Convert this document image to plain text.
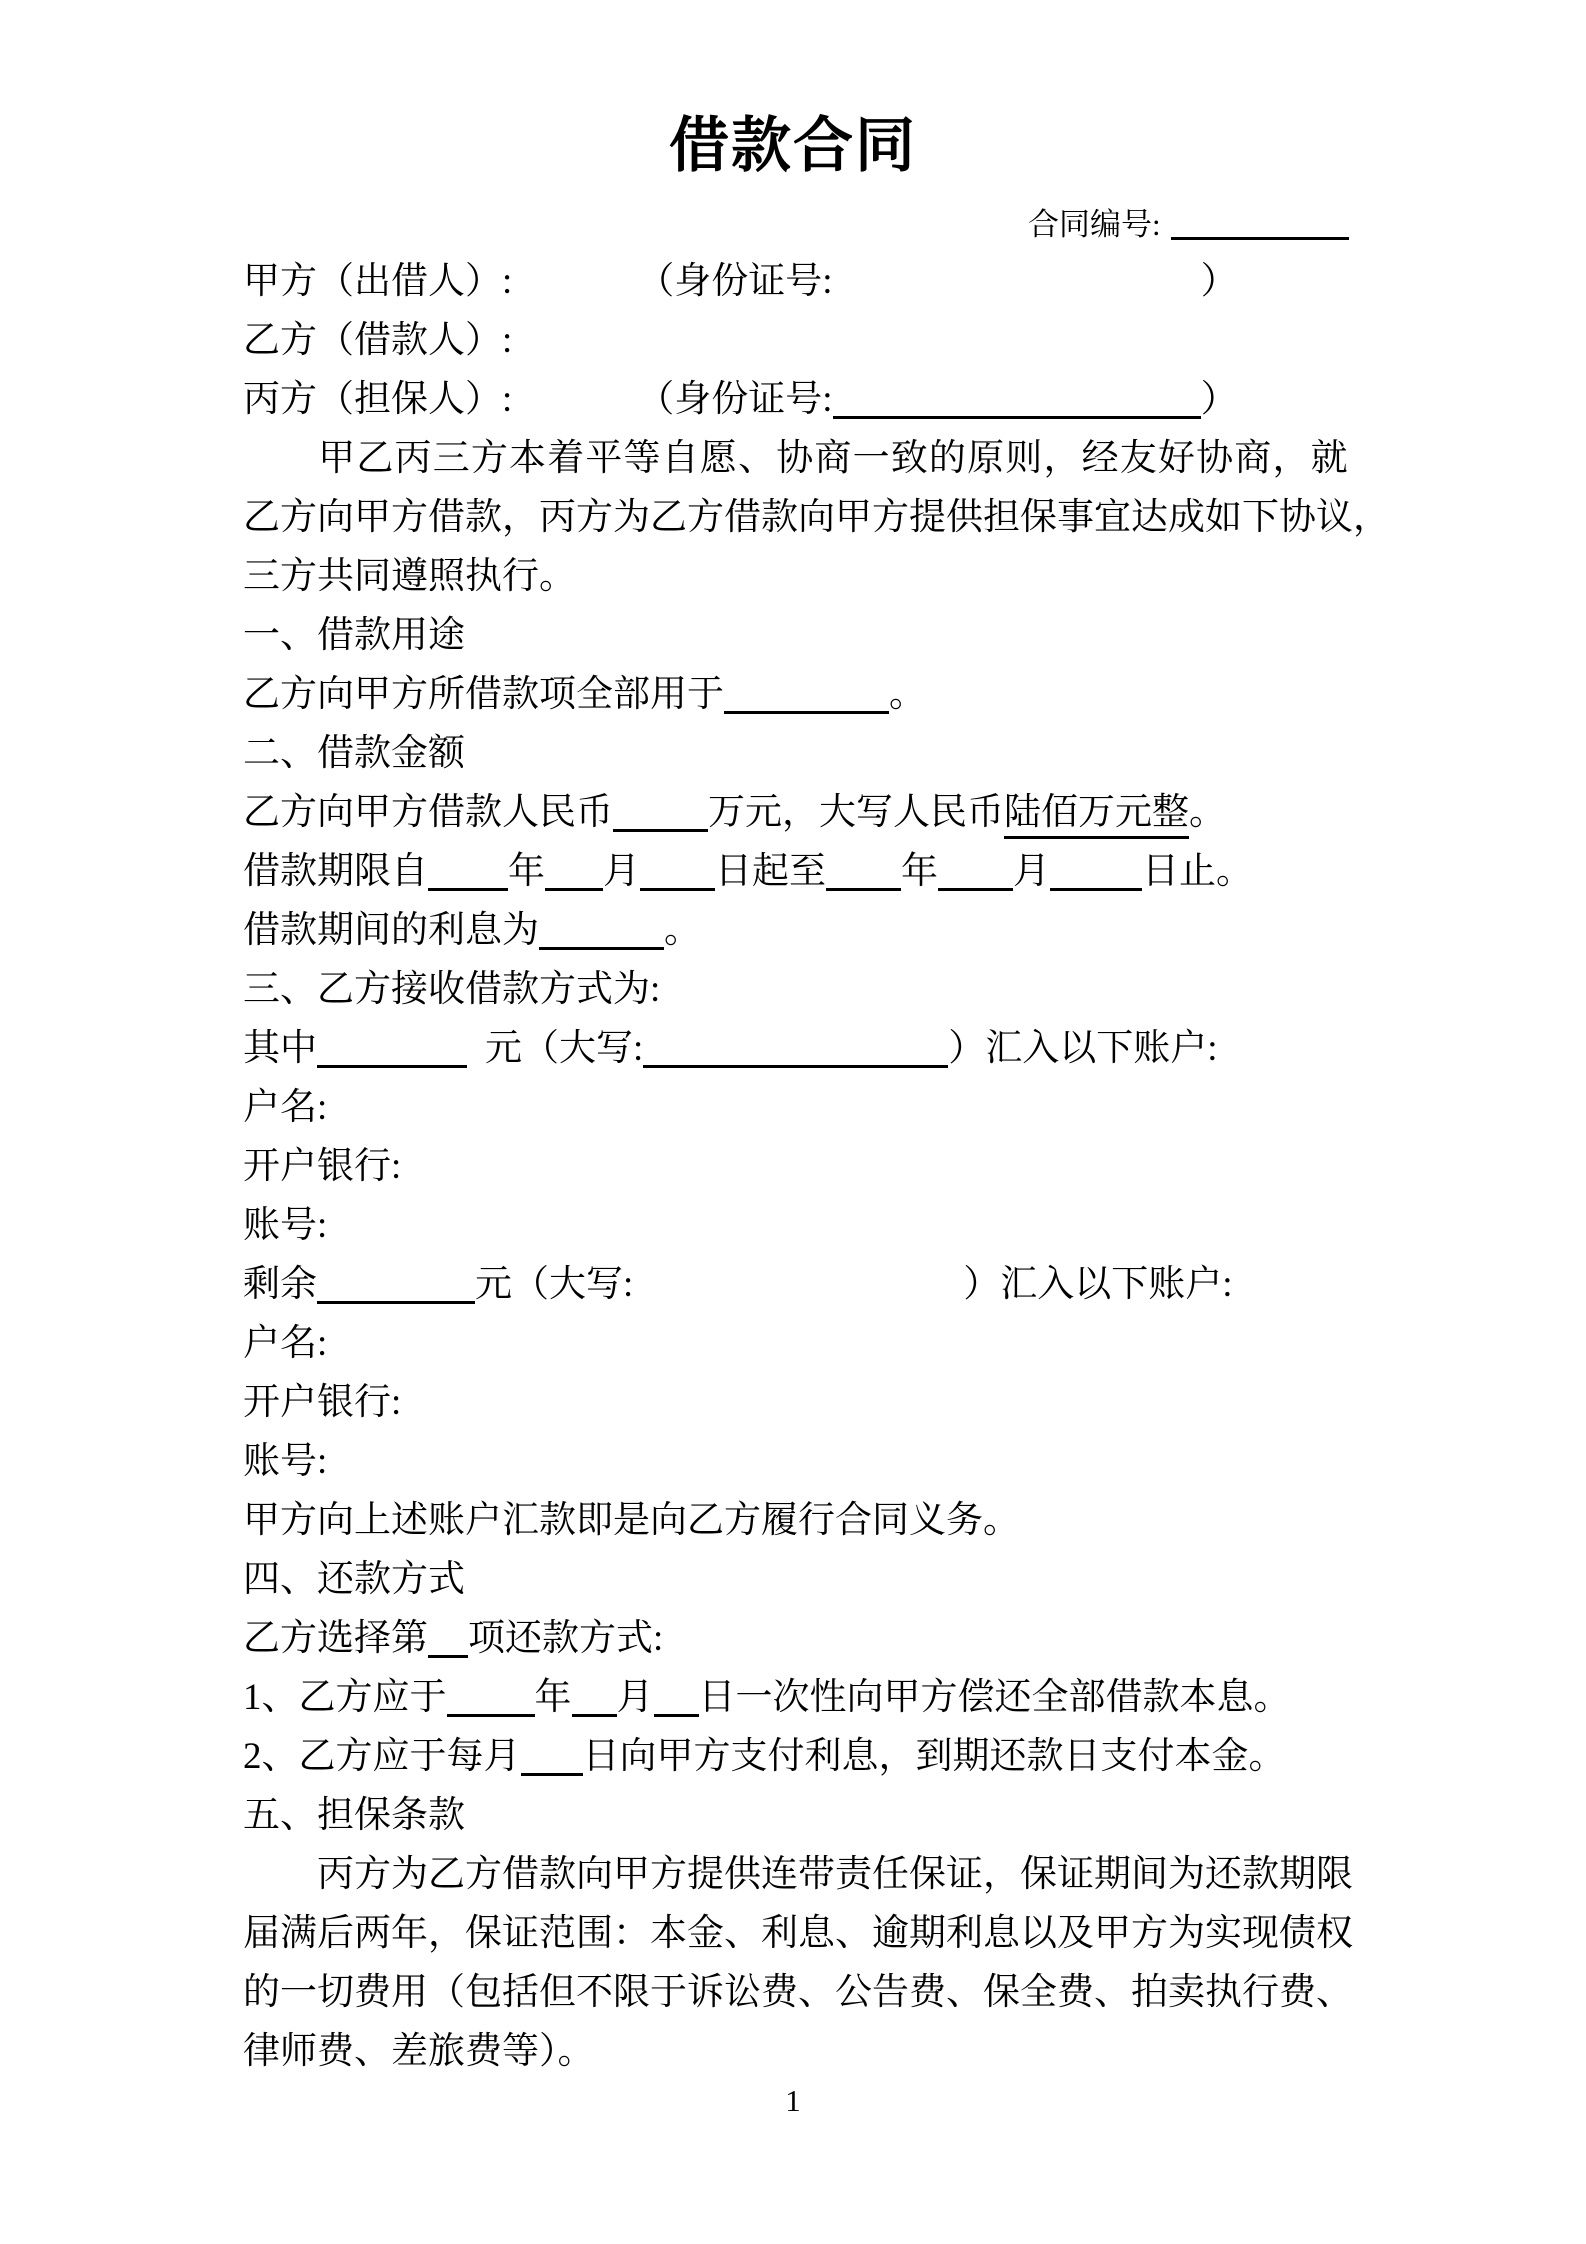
借款合同
合同编号:
甲方（出借人）:	（身份证号:	）
乙方（借款人）:
丙方（担保人）:	（身份证号:	）
甲 乙 丙 三 方 本 着 平 等 自 愿 、 协 商 一 致 的 原 则 ， 经 友 好 协 商 ， 就
乙 方 向 甲 方 借 款 ， 丙 方 为 乙 方 借 款 向 甲 方 提 供 担 保 事 宜 达 成 如 下 协 议 ，
三方共同遵照执行。
一、借款用途
乙方向甲方所借款项全部用于	。
二、借款金额
乙方向甲方借款人民币	万元，大写人民币陆佰万元整。
借款期限自 年 月 日起至 年 月 日止。
借款期间的利息为	。
三、乙方接收借款方式为:
其中	元（大写:	）汇入以下账户:
户名:
开户银行:
账号:
剩余	元（大写:	）汇入以下账户:
户名:
开户银行:
账号:
甲方向上述账户汇款即是向乙方履行合同义务。
四、还款方式
乙方选择第 项还款方式:
1、乙方应于 年 月 日一次性向甲方偿还全部借款本息。
2、乙方应于每月 日向甲方支付利息，到期还款日支付本金。
五、担保条款
丙 方 为 乙 方 借 款 向 甲 方 提 供 连 带 责 任 保 证 ， 保 证 期 间 为 还 款 期 限
届 满 后 两 年 ， 保 证 范 围 ： 本 金 、 利 息 、 逾 期 利 息 以 及 甲 方 为 实 现 债 权
的 一 切 费 用 （ 包 括 但 不 限 于 诉 讼 费 、 公 告 费 、 保 全 费 、 拍 卖 执 行 费 、
律师费、差旅费等）。
1
